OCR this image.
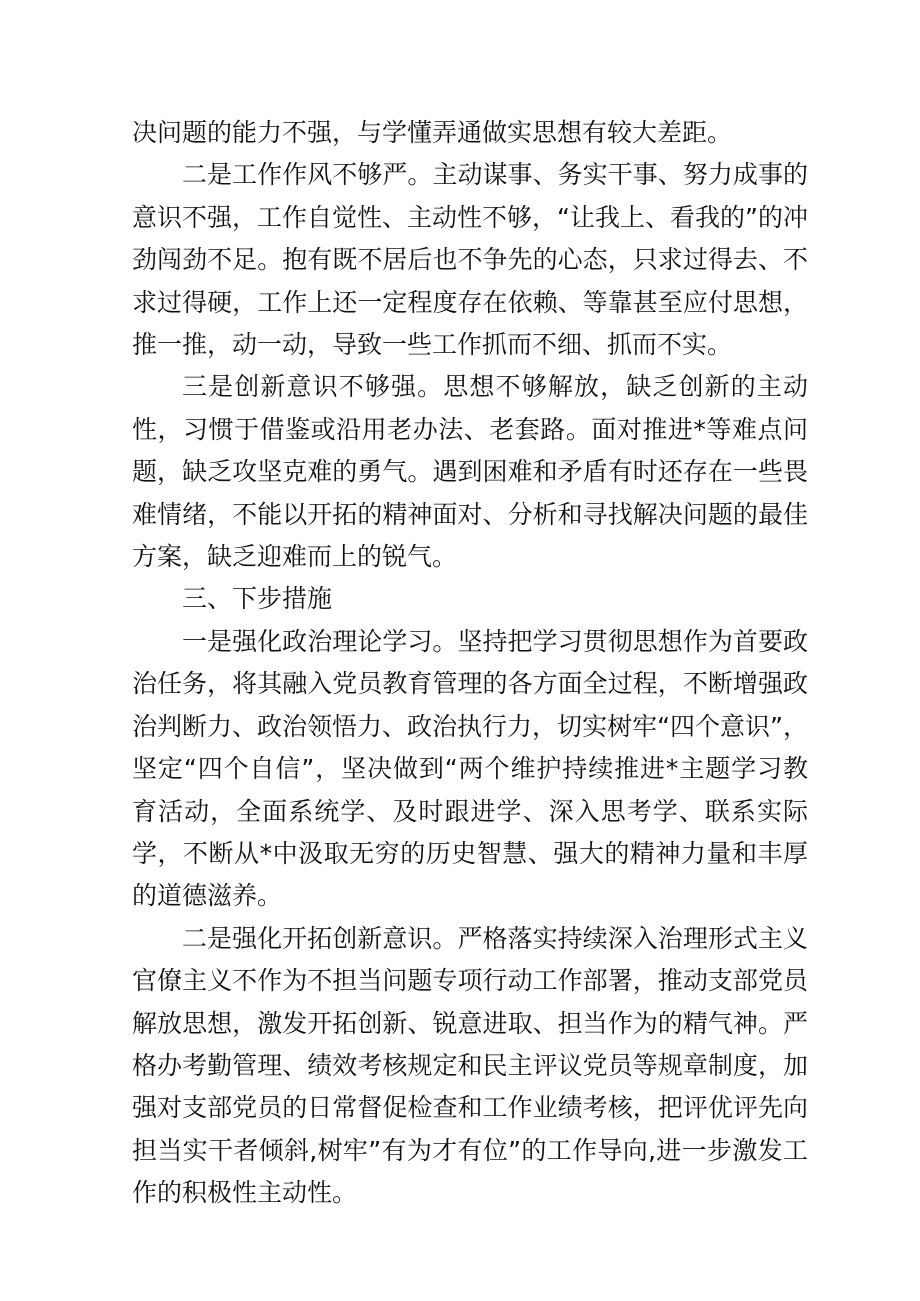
决问题的能力不强，与学懂弄通做实思想有较大差距。

二是工作作风不够严。主动谋事、务实干事、努力成事的意识不强，工作自觉性、主动性不够，“让我上、看我的”的冲劲闯劲不足。抱有既不居后也不争先的心态，只求过得去、不求过得硬，工作上还一定程度存在依赖、等靠甚至应付思想，推一推，动一动，导致一些工作抓而不细、抓而不实。

三是创新意识不够强。思想不够解放，缺乏创新的主动性，习惯于借鉴或沿用老办法、老套路。面对推进*等难点问题，缺乏攻坚克难的勇气。遇到困难和矛盾有时还存在一些畏难情绪，不能以开拓的精神面对、分析和寻找解决问题的最佳方案，缺乏迎难而上的锐气。

三、下步措施

一是强化政治理论学习。坚持把学习贯彻思想作为首要政治任务，将其融入党员教育管理的各方面全过程，不断增强政治判断力、政治领悟力、政治执行力，切实树牢“四个意识”，坚定“四个自信”，坚决做到“两个维护持续推进*主题学习教育活动，全面系统学、及时跟进学、深入思考学、联系实际学，不断从*中汲取无穷的历史智慧、强大的精神力量和丰厚的道德滋养。

二是强化开拓创新意识。严格落实持续深入治理形式主义官僚主义不作为不担当问题专项行动工作部署，推动支部党员解放思想，激发开拓创新、锐意进取、担当作为的精气神。严格办考勤管理、绩效考核规定和民主评议党员等规章制度，加强对支部党员的日常督促检查和工作业绩考核，把评优评先向担当实干者倾斜,树牢”有为才有位”的工作导向,进一步激发工作的积极性主动性。
